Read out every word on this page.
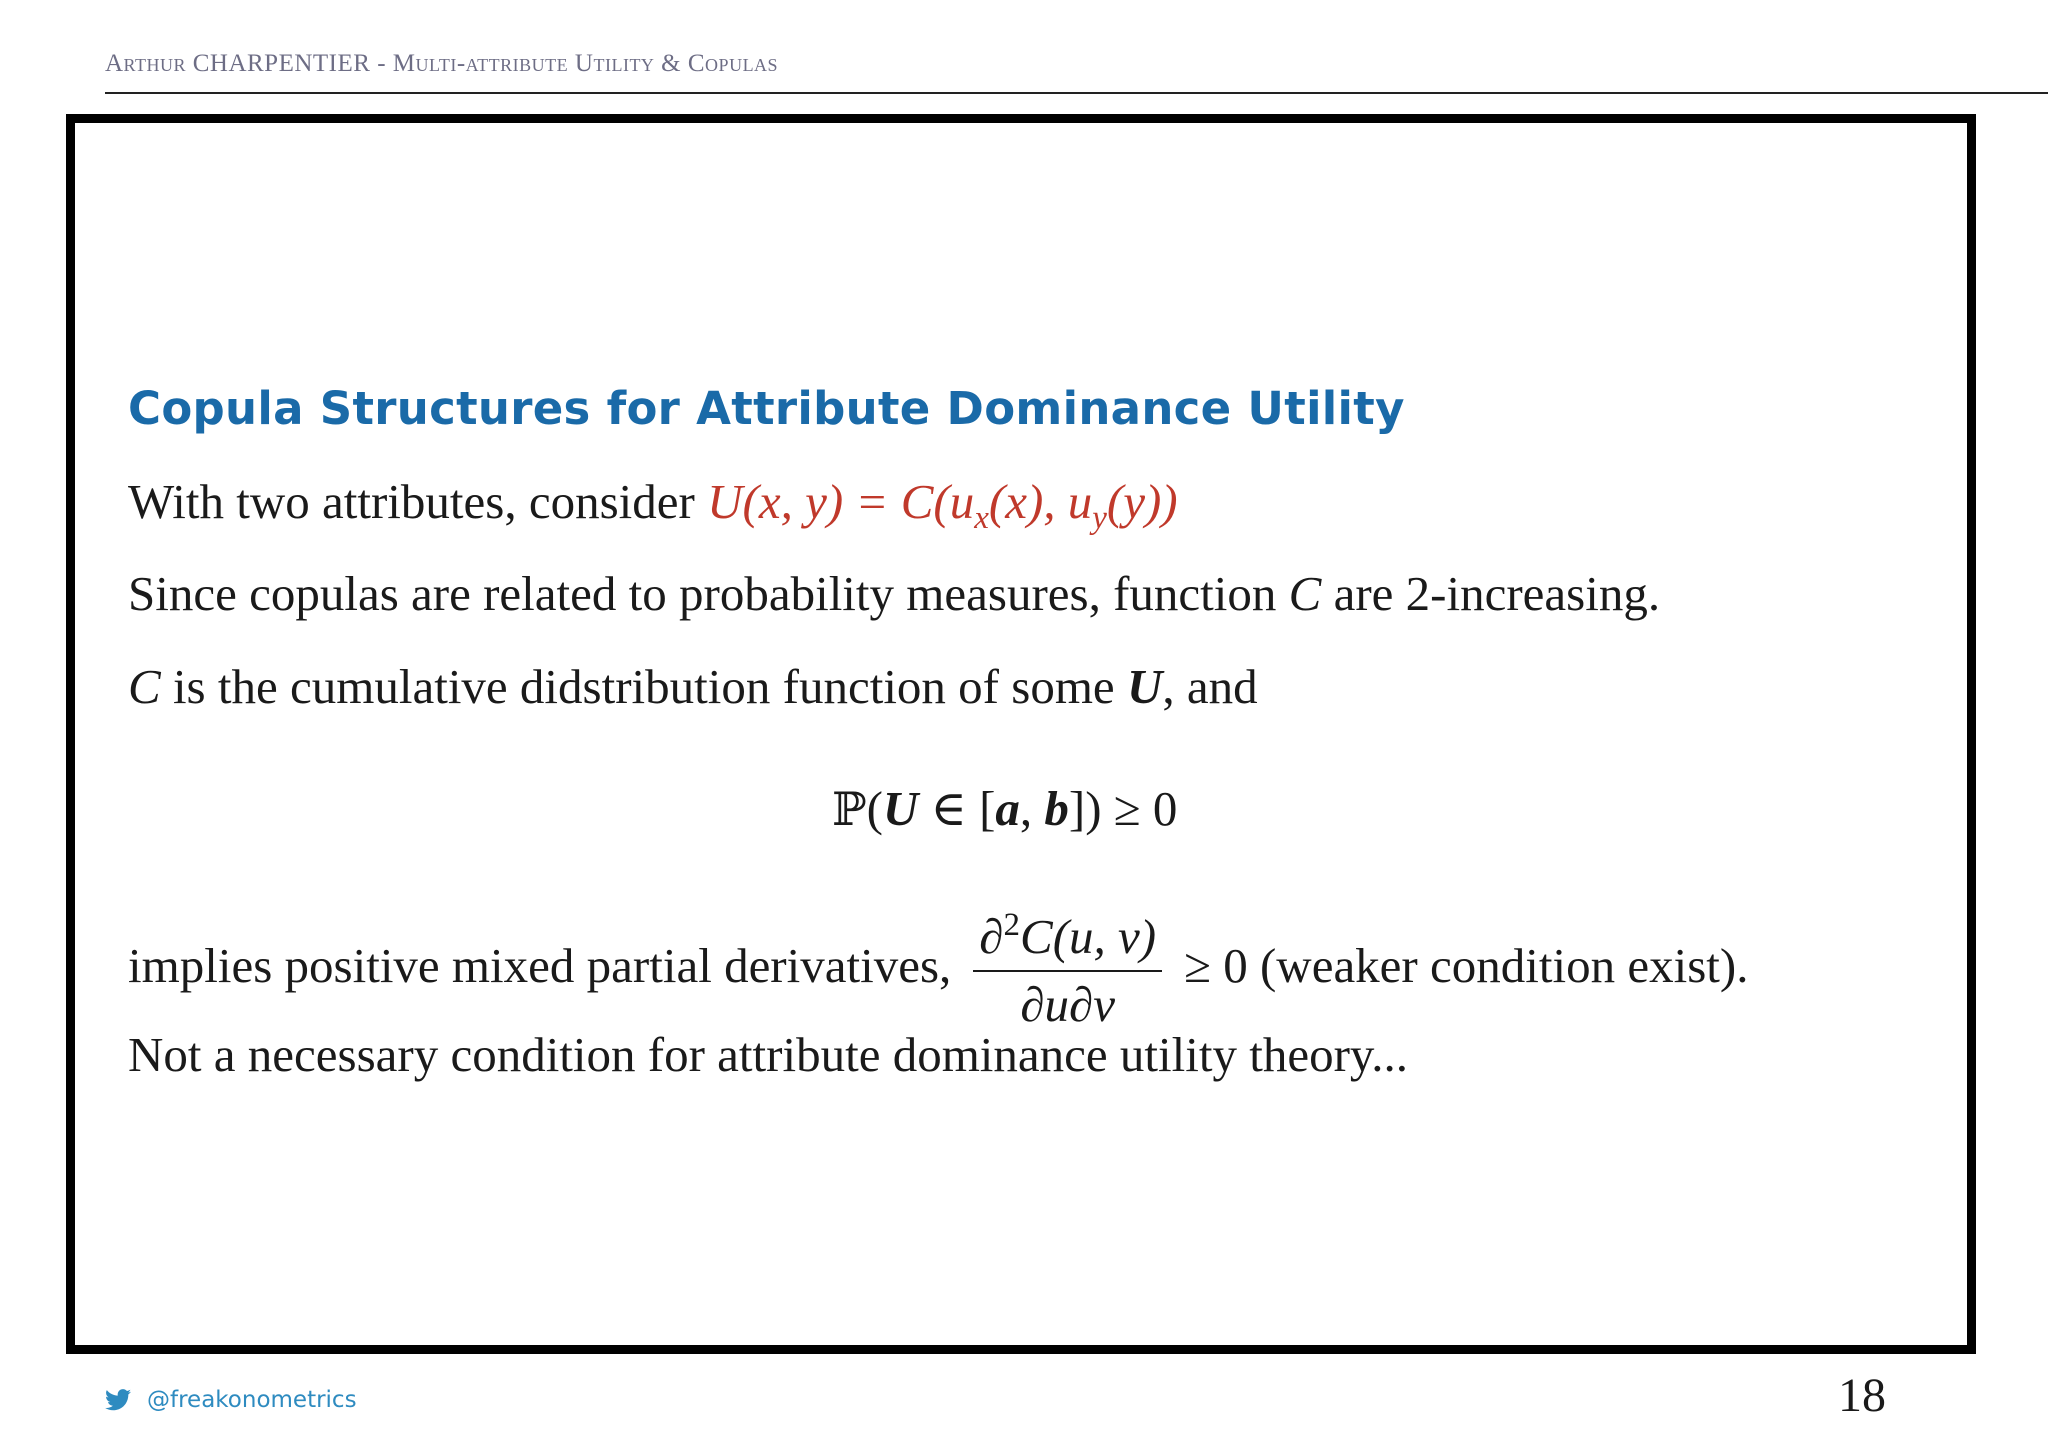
Arthur CHARPENTIER - Multi-attribute Utility & Copulas
Copula Structures for Attribute Dominance Utility
With two attributes, consider U(x, $y) = C(u_x(x)$, $u_y(y)$)
Since copulas are related to probability measures, function C are 2-increasing.
C is the cumulative didstribution function of some U, and
ℙ(U ∈ [a, b]) ≥ 0
implies positive mixed partial derivatives, $\frac{\partial^2C(u, v)}{\partial u\partial v} \ge 0$ (weaker condition exist).
Not a necessary condition for attribute dominance utility theory...
@freakonometrics	18
